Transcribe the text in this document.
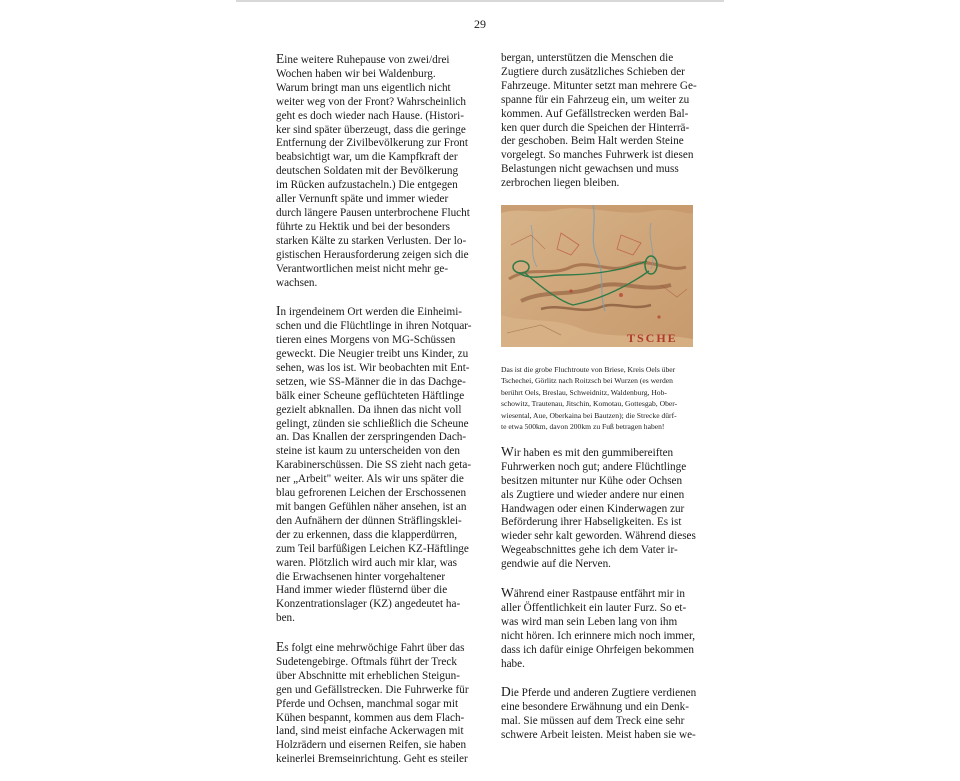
29

Eine weitere Ruhepause von zwei/drei
Wochen haben wir bei Waldenburg.
Warum bringt man uns eigentlich nicht
weiter weg von der Front? Wahrscheinlich
geht es doch wieder nach Hause. (Histori-
ker sind später überzeugt, dass die geringe
Entfernung der Zivilbevölkerung zur Front
beabsichtigt war, um die Kampfkraft der
deutschen Soldaten mit der Bevölkerung
im Rücken aufzustacheln.) Die entgegen
aller Vernunft späte und immer wieder
durch längere Pausen unterbrochene Flucht
führte zu Hektik und bei der besonders
starken Kälte zu starken Verlusten. Der lo-
gistischen Herausforderung zeigen sich die
Verantwortlichen meist nicht mehr ge-
wachsen.

In irgendeinem Ort werden die Einheimi-
schen und die Flüchtlinge in ihren Notquar-
tieren eines Morgens von MG-Schüssen
geweckt. Die Neugier treibt uns Kinder, zu
sehen, was los ist. Wir beobachten mit Ent-
setzen, wie SS-Männer die in das Dachge-
bälk einer Scheune geflüchteten Häftlinge
gezielt abknallen. Da ihnen das nicht voll
gelingt, zünden sie schließlich die Scheune
an. Das Knallen der zerspringenden Dach-
steine ist kaum zu unterscheiden von den
Karabinerschüssen. Die SS zieht nach geta-
ner „Arbeit" weiter. Als wir uns später die
blau gefrorenen Leichen der Erschossenen
mit bangen Gefühlen näher ansehen, ist an
den Aufnähern der dünnen Sträflingsklei-
der zu erkennen, dass die klapperdürren,
zum Teil barfüßigen Leichen KZ-Häftlinge
waren. Plötzlich wird auch mir klar, was
die Erwachsenen hinter vorgehaltener
Hand immer wieder flüsternd über die
Konzentrationslager (KZ) angedeutet ha-
ben.

Es folgt eine mehrwöchige Fahrt über das
Sudetengebirge. Oftmals führt der Treck
über Abschnitte mit erheblichen Steigun-
gen und Gefällstrecken. Die Fuhrwerke für
Pferde und Ochsen, manchmal sogar mit
Kühen bespannt, kommen aus dem Flach-
land, sind meist einfache Ackerwagen mit
Holzrädern und eisernen Reifen, sie haben
keinerlei Bremseinrichtung. Geht es steiler

bergan, unterstützen die Menschen die
Zugtiere durch zusätzliches Schieben der
Fahrzeuge. Mitunter setzt man mehrere Ge-
spanne für ein Fahrzeug ein, um weiter zu
kommen. Auf Gefällstrecken werden Bal-
ken quer durch die Speichen der Hinterrä-
der geschoben. Beim Halt werden Steine
vorgelegt. So manches Fuhrwerk ist diesen
Belastungen nicht gewachsen und muss
zerbrochen liegen bleiben.

TSCHE

Das ist die grobe Fluchtroute von Briese, Kreis Oels über
Tschechei, Görlitz nach Roitzsch bei Wurzen (es werden
berührt Oels, Breslau, Schweidnitz, Waldenburg, Hob-
schowitz, Trautenau, Jitschin, Komotau, Gottesgab, Ober-
wiesental, Aue, Oberkaina bei Bautzen); die Strecke dürf-
te etwa 500km, davon 200km zu Fuß betragen haben!

Wir haben es mit den gummibereiften
Fuhrwerken noch gut; andere Flüchtlinge
besitzen mitunter nur Kühe oder Ochsen
als Zugtiere und wieder andere nur einen
Handwagen oder einen Kinderwagen zur
Beförderung ihrer Habseligkeiten. Es ist
wieder sehr kalt geworden. Während dieses
Wegeabschnittes gehe ich dem Vater ir-
gendwie auf die Nerven.

Während einer Rastpause entfährt mir in
aller Öffentlichkeit ein lauter Furz. So et-
was wird man sein Leben lang von ihm
nicht hören. Ich erinnere mich noch immer,
dass ich dafür einige Ohrfeigen bekommen
habe.

Die Pferde und anderen Zugtiere verdienen
eine besondere Erwähnung und ein Denk-
mal. Sie müssen auf dem Treck eine sehr
schwere Arbeit leisten. Meist haben sie we-
